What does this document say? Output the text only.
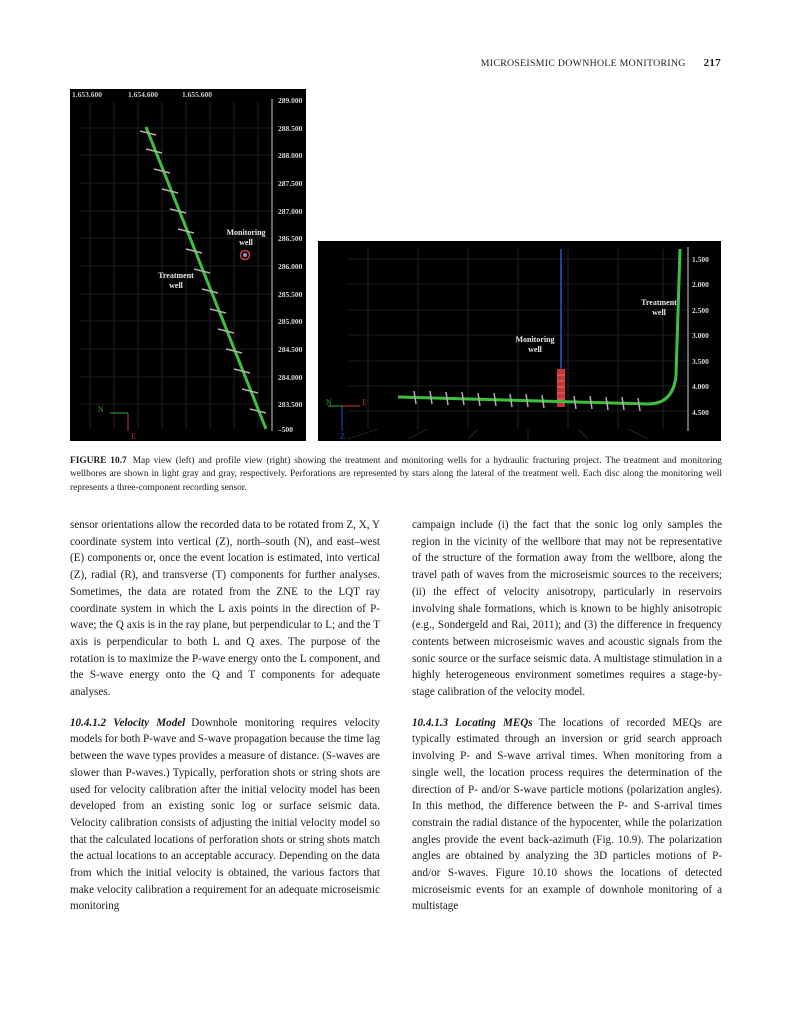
MICROSEISMIC DOWNHOLE MONITORING 217
1.653.600	1.654.600	1.655.600
289.000
288.500
288.000
287.500
287.000
286.500
286.000
285.500
285.000
284.500
284.000
283.500
–500
Monitoring
well
Treatment
well
N
E
1.500
2.000
2.500
3.000
3.500
4.000
4.500
Treatment
well
Monitoring
well
N	E
Z
FIGURE 10.7 Map view (left) and profile view (right) showing the treatment and monitoring wells for a hydraulic fracturing project. The treatment and monitoring wellbores are shown in light gray and gray, respectively. Perforations are represented by stars along the lateral of the treatment well. Each disc along the monitoring well represents a three-component recording sensor.

sensor orientations allow the recorded data to be rotated from Z, X, Y coordinate system into vertical (Z), north–south (N), and east–west (E) components or, once the event location is estimated, into vertical (Z), radial (R), and transverse (T) components for further analyses. Sometimes, the data are rotated from the ZNE to the LQT ray coordinate system in which the L axis points in the direction of P-wave; the Q axis is in the ray plane, but perpendicular to L; and the T axis is perpendicular to both L and Q axes. The purpose of the rotation is to maximize the P-wave energy onto the L component, and the S-wave energy onto the Q and T components for adequate analyses.

10.4.1.2 Velocity Model Downhole monitoring requires velocity models for both P-wave and S-wave propagation because the time lag between the wave types provides a measure of distance. (S-waves are slower than P-waves.) Typically, perforation shots or string shots are used for velocity calibration after the initial velocity model has been developed from an existing sonic log or surface seismic data. Velocity calibration consists of adjusting the initial velocity model so that the calculated locations of perforation shots or string shots match the actual locations to an acceptable accuracy. Depending on the data from which the initial velocity is obtained, the various factors that make velocity calibration a requirement for an adequate microseismic monitoring

campaign include (i) the fact that the sonic log only samples the region in the vicinity of the wellbore that may not be representative of the structure of the formation away from the wellbore, along the travel path of waves from the microseismic sources to the receivers; (ii) the effect of velocity anisotropy, particularly in reservoirs involving shale formations, which is known to be highly anisotropic (e.g., Sondergeld and Rai, 2011); and (3) the difference in frequency contents between microseismic waves and acoustic signals from the sonic source or the surface seismic data. A multistage stimulation in a highly heterogeneous environment sometimes requires a stage-by-stage calibration of the velocity model.

10.4.1.3 Locating MEQs The locations of recorded MEQs are typically estimated through an inversion or grid search approach involving P- and S-wave arrival times. When monitoring from a single well, the location process requires the determination of the direction of P- and/or S-wave particle motions (polarization angles). In this method, the difference between the P- and S-arrival times constrain the radial distance of the hypocenter, while the polarization angles provide the event back-azimuth (Fig. 10.9). The polarization angles are obtained by analyzing the 3D particles motions of P- and/or S-waves. Figure 10.10 shows the locations of detected microseismic events for an example of downhole monitoring of a multistage
